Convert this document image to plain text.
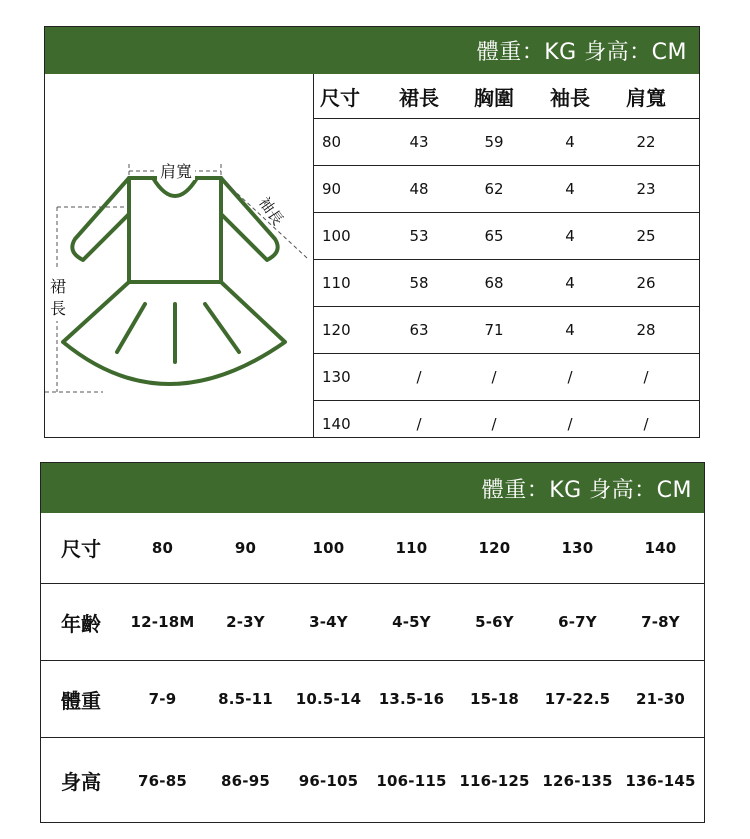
體重：KG 身高：CM
肩寬
袖長
裙
長
尺寸	裙長	胸圍	袖長	肩寬
80	43	59	4	22
90	48	62	4	23
100	53	65	4	25
110	58	68	4	26
120	63	71	4	28
130	/	/	/	/
140	/	/	/	/
體重：KG 身高：CM
尺寸	80	90	100	110	120	130	140
年齡	12-18M	2-3Y	3-4Y	4-5Y	5-6Y	6-7Y	7-8Y
體重	7-9	8.5-11	10.5-14	13.5-16	15-18	17-22.5	21-30
身高	76-85	86-95	96-105	106-115 116-125 126-135 136-145
